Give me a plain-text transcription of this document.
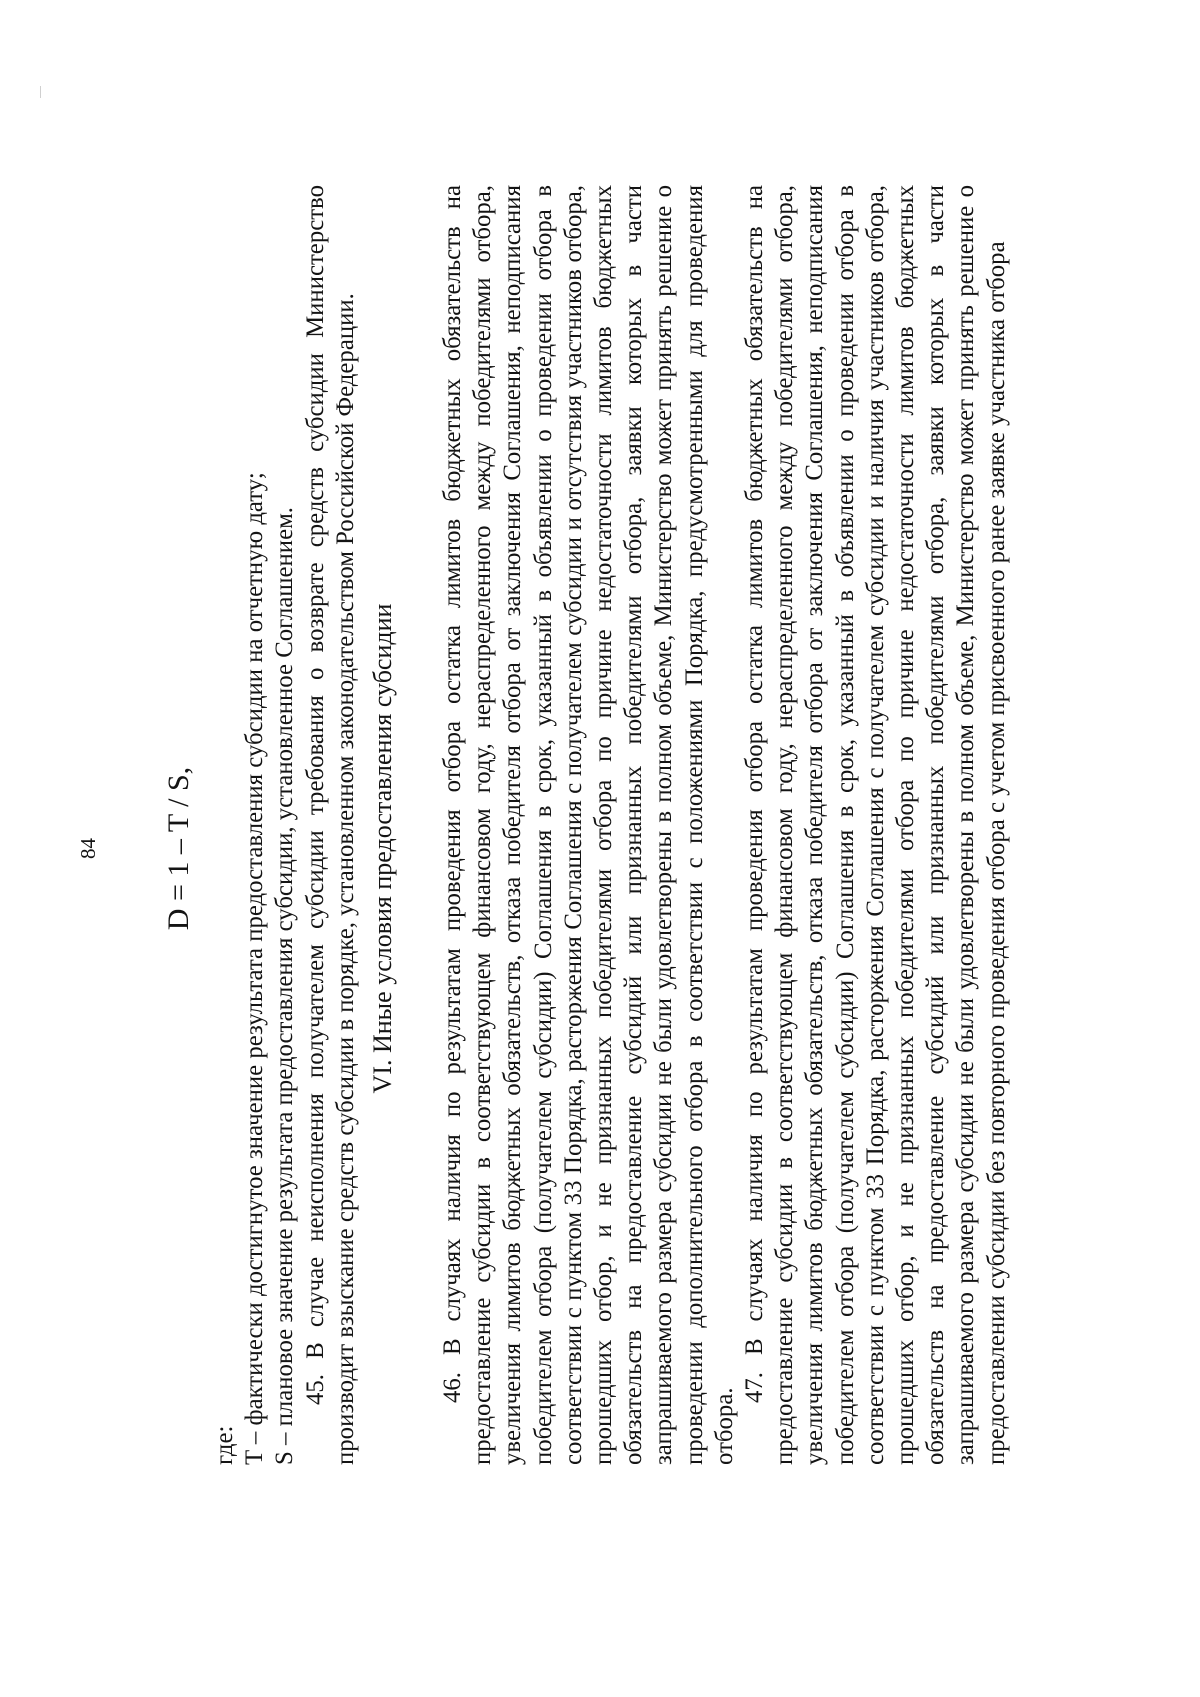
84 D = 1 – T / S,

где: T – фактически достигнутое значение результата предоставления субсидии на отчетную дату; S – плановое значение результата предоставления субсидии, установленное Соглашением. 45. В случае неисполнения получателем субсидии требования о возврате средств субсидии Министерство производит взыскание средств субсидии в порядке, установленном законодательством Российской Федерации. VI. Иные условия предоставления субсидии 46. В случаях наличия по результатам проведения отбора остатка лимитов бюджетных обязательств на предоставление субсидии в соответствующем финансовом году, нераспределенного между победителями отбора, увеличения лимитов бюджетных обязательств, отказа победителя отбора от заключения Соглашения, неподписания победителем отбора (получателем субсидии) Соглашения в срок, указанный в объявлении о проведении отбора в соответствии с пунктом 33 Порядка, расторжения Соглашения с получателем субсидии и отсутствия участников отбора, прошедших отбор, и не признанных победителями отбора по причине недостаточности лимитов бюджетных обязательств на предоставление субсидий или признанных победителями отбора, заявки которых в части запрашиваемого размера субсидии не были удовлетворены в полном объеме, Министерство может принять решение о проведении дополнительного отбора в соответствии с положениями Порядка, предусмотренными для проведения отбора.

47. В случаях наличия по результатам проведения отбора остатка лимитов бюджетных обязательств на предоставление субсидии в соответствующем финансовом году, нераспределенного между победителями отбора, увеличения лимитов бюджетных обязательств, отказа победителя отбора от заключения Соглашения, неподписания победителем отбора (получателем субсидии) Соглашения в срок, указанный в объявлении о проведении отбора в соответствии с пунктом 33 Порядка, расторжения Соглашения с получателем субсидии и наличия участников отбора, прошедших отбор, и не признанных победителями отбора по причине недостаточности лимитов бюджетных обязательств на предоставление субсидий или признанных победителями отбора, заявки которых в части запрашиваемого размера субсидии не были удовлетворены в полном объеме, Министерство может принять решение о предоставлении субсидии без повторного проведения отбора с учетом присвоенного ранее заявке участника отбора
